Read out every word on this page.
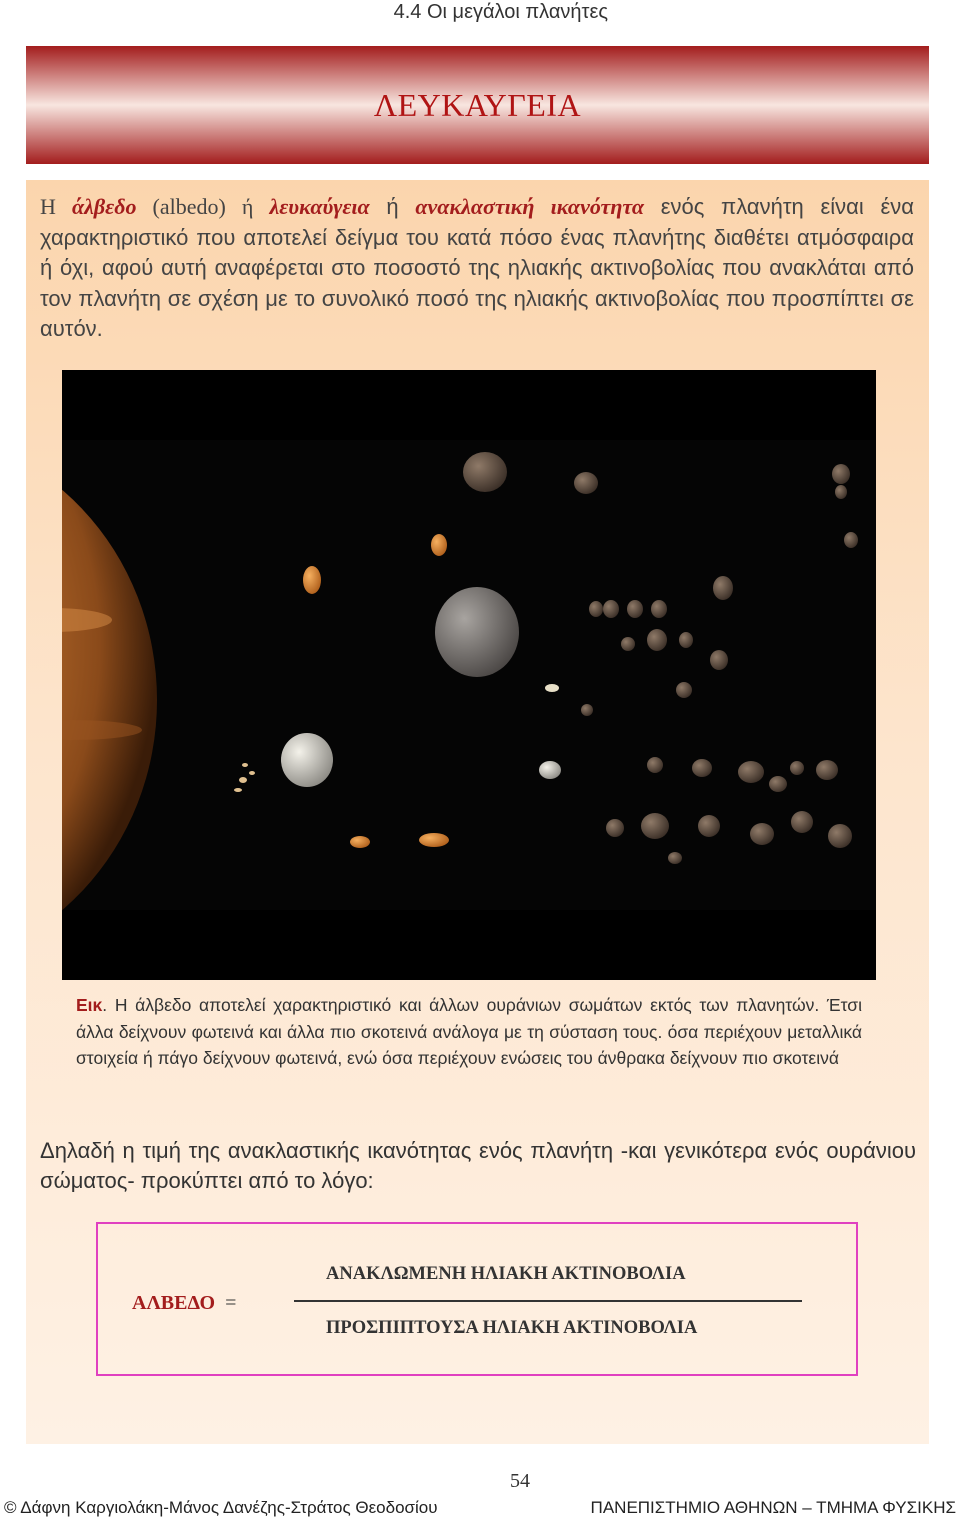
4.4 Οι μεγάλοι πλανήτες
ΛΕΥΚΑΥΓΕΙΑ

Η άλβεδο (albedo) ή λευκαύγεια ή ανακλαστική ικανότητα ενός πλανήτη είναι ένα χαρακτηριστικό που αποτελεί δείγμα του κατά πόσο ένας πλανήτης διαθέτει ατμόσφαιρα ή όχι, αφού αυτή αναφέρεται στο ποσοστό της ηλιακής ακτινοβολίας που ανακλάται από τον πλανήτη σε σχέση με το συνολικό ποσό της ηλιακής ακτινοβολίας που προσπίπτει σε αυτόν.

Εικ. Η άλβεδο αποτελεί χαρακτηριστικό και άλλων ουράνιων σωμάτων εκτός των πλανητών. Έτσι άλλα δείχνουν φωτεινά και άλλα πιο σκοτεινά ανάλογα με τη σύσταση τους. όσα περιέχουν μεταλλικά στοιχεία ή πάγο δείχνουν φωτεινά, ενώ όσα περιέχουν ενώσεις του άνθρακα δείχνουν πιο σκοτεινά

Δηλαδή η τιμή της ανακλαστικής ικανότητας ενός πλανήτη -και γενικότερα ενός ουράνιου σώματος- προκύπτει από το λόγο:

ΑΛΒΕΔΟ =
ΑΝΑΚΛΩΜΕΝΗ ΗΛΙΑΚΗ ΑΚΤΙΝΟΒΟΛΙΑ
ΠΡΟΣΠΙΠΤΟΥΣΑ ΗΛΙΑΚΗ ΑΚΤΙΝΟΒΟΛΙΑ
54
© Δάφνη Καργιολάκη-Μάνος Δανέζης-Στράτος Θεοδοσίου	ΠΑΝΕΠΙΣΤΗΜΙΟ ΑΘΗΝΩΝ – ΤΜΗΜΑ ΦΥΣΙΚΗΣ
